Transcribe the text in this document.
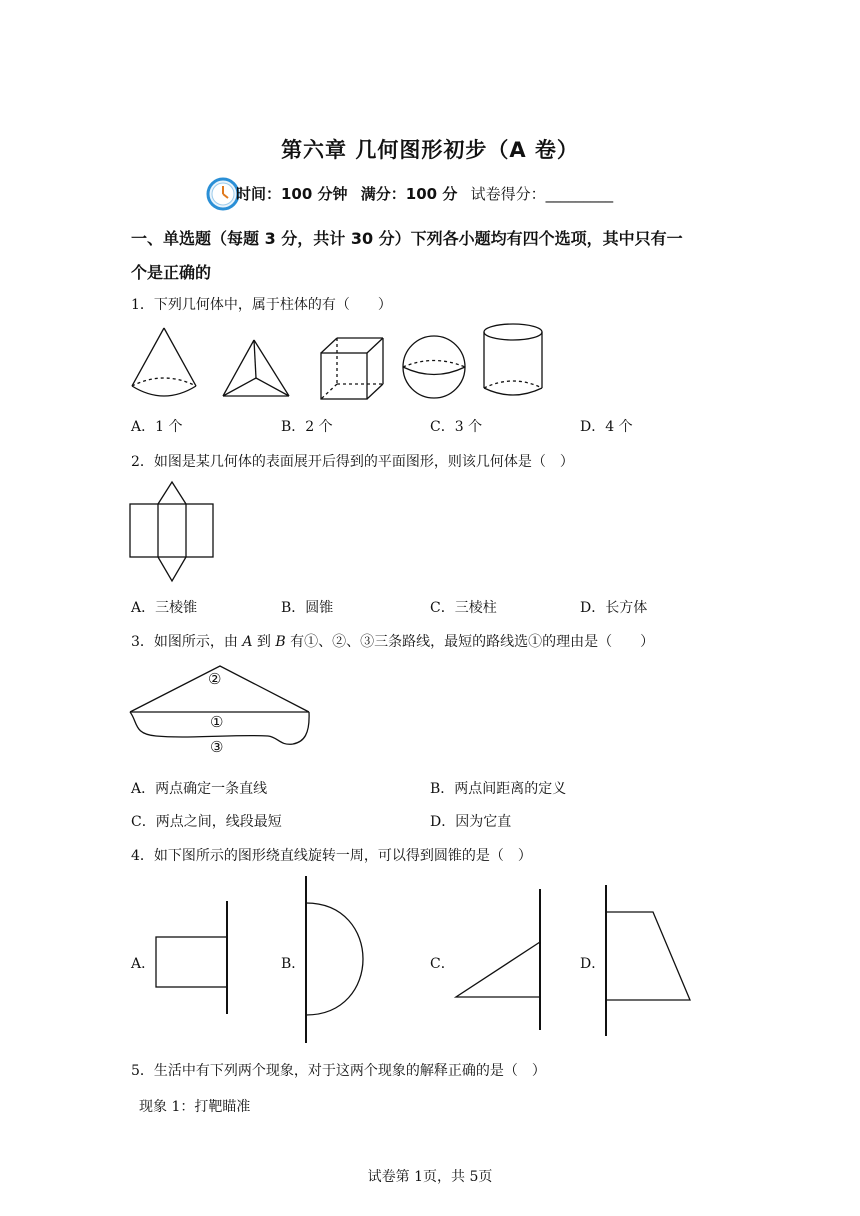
第六章 几何图形初步（A 卷）
时间：100 分钟 满分：100 分 试卷得分：_________
一、单选题（每题 3 分，共计 30 分）下列各小题均有四个选项，其中只有一
个是正确的
1．下列几何体中，属于柱体的有（　　）
A．1 个	B．2 个	C．3 个	D．4 个
2．如图是某几何体的表面展开后得到的平面图形，则该几何体是（　）
A．三棱锥	B．圆锥	C．三棱柱	D．长方体
3．如图所示，由 A 到 B 有①、②、③三条路线，最短的路线选①的理由是（　　）
②
①
③
A．两点确定一条直线	B．两点间距离的定义
C．两点之间，线段最短	D．因为它直
4．如下图所示的图形绕直线旋转一周，可以得到圆锥的是（　）
A．	B．	C．	D．
5．生活中有下列两个现象，对于这两个现象的解释正确的是（　）
现象 1：打靶瞄准
试卷第 1页，共 5页
